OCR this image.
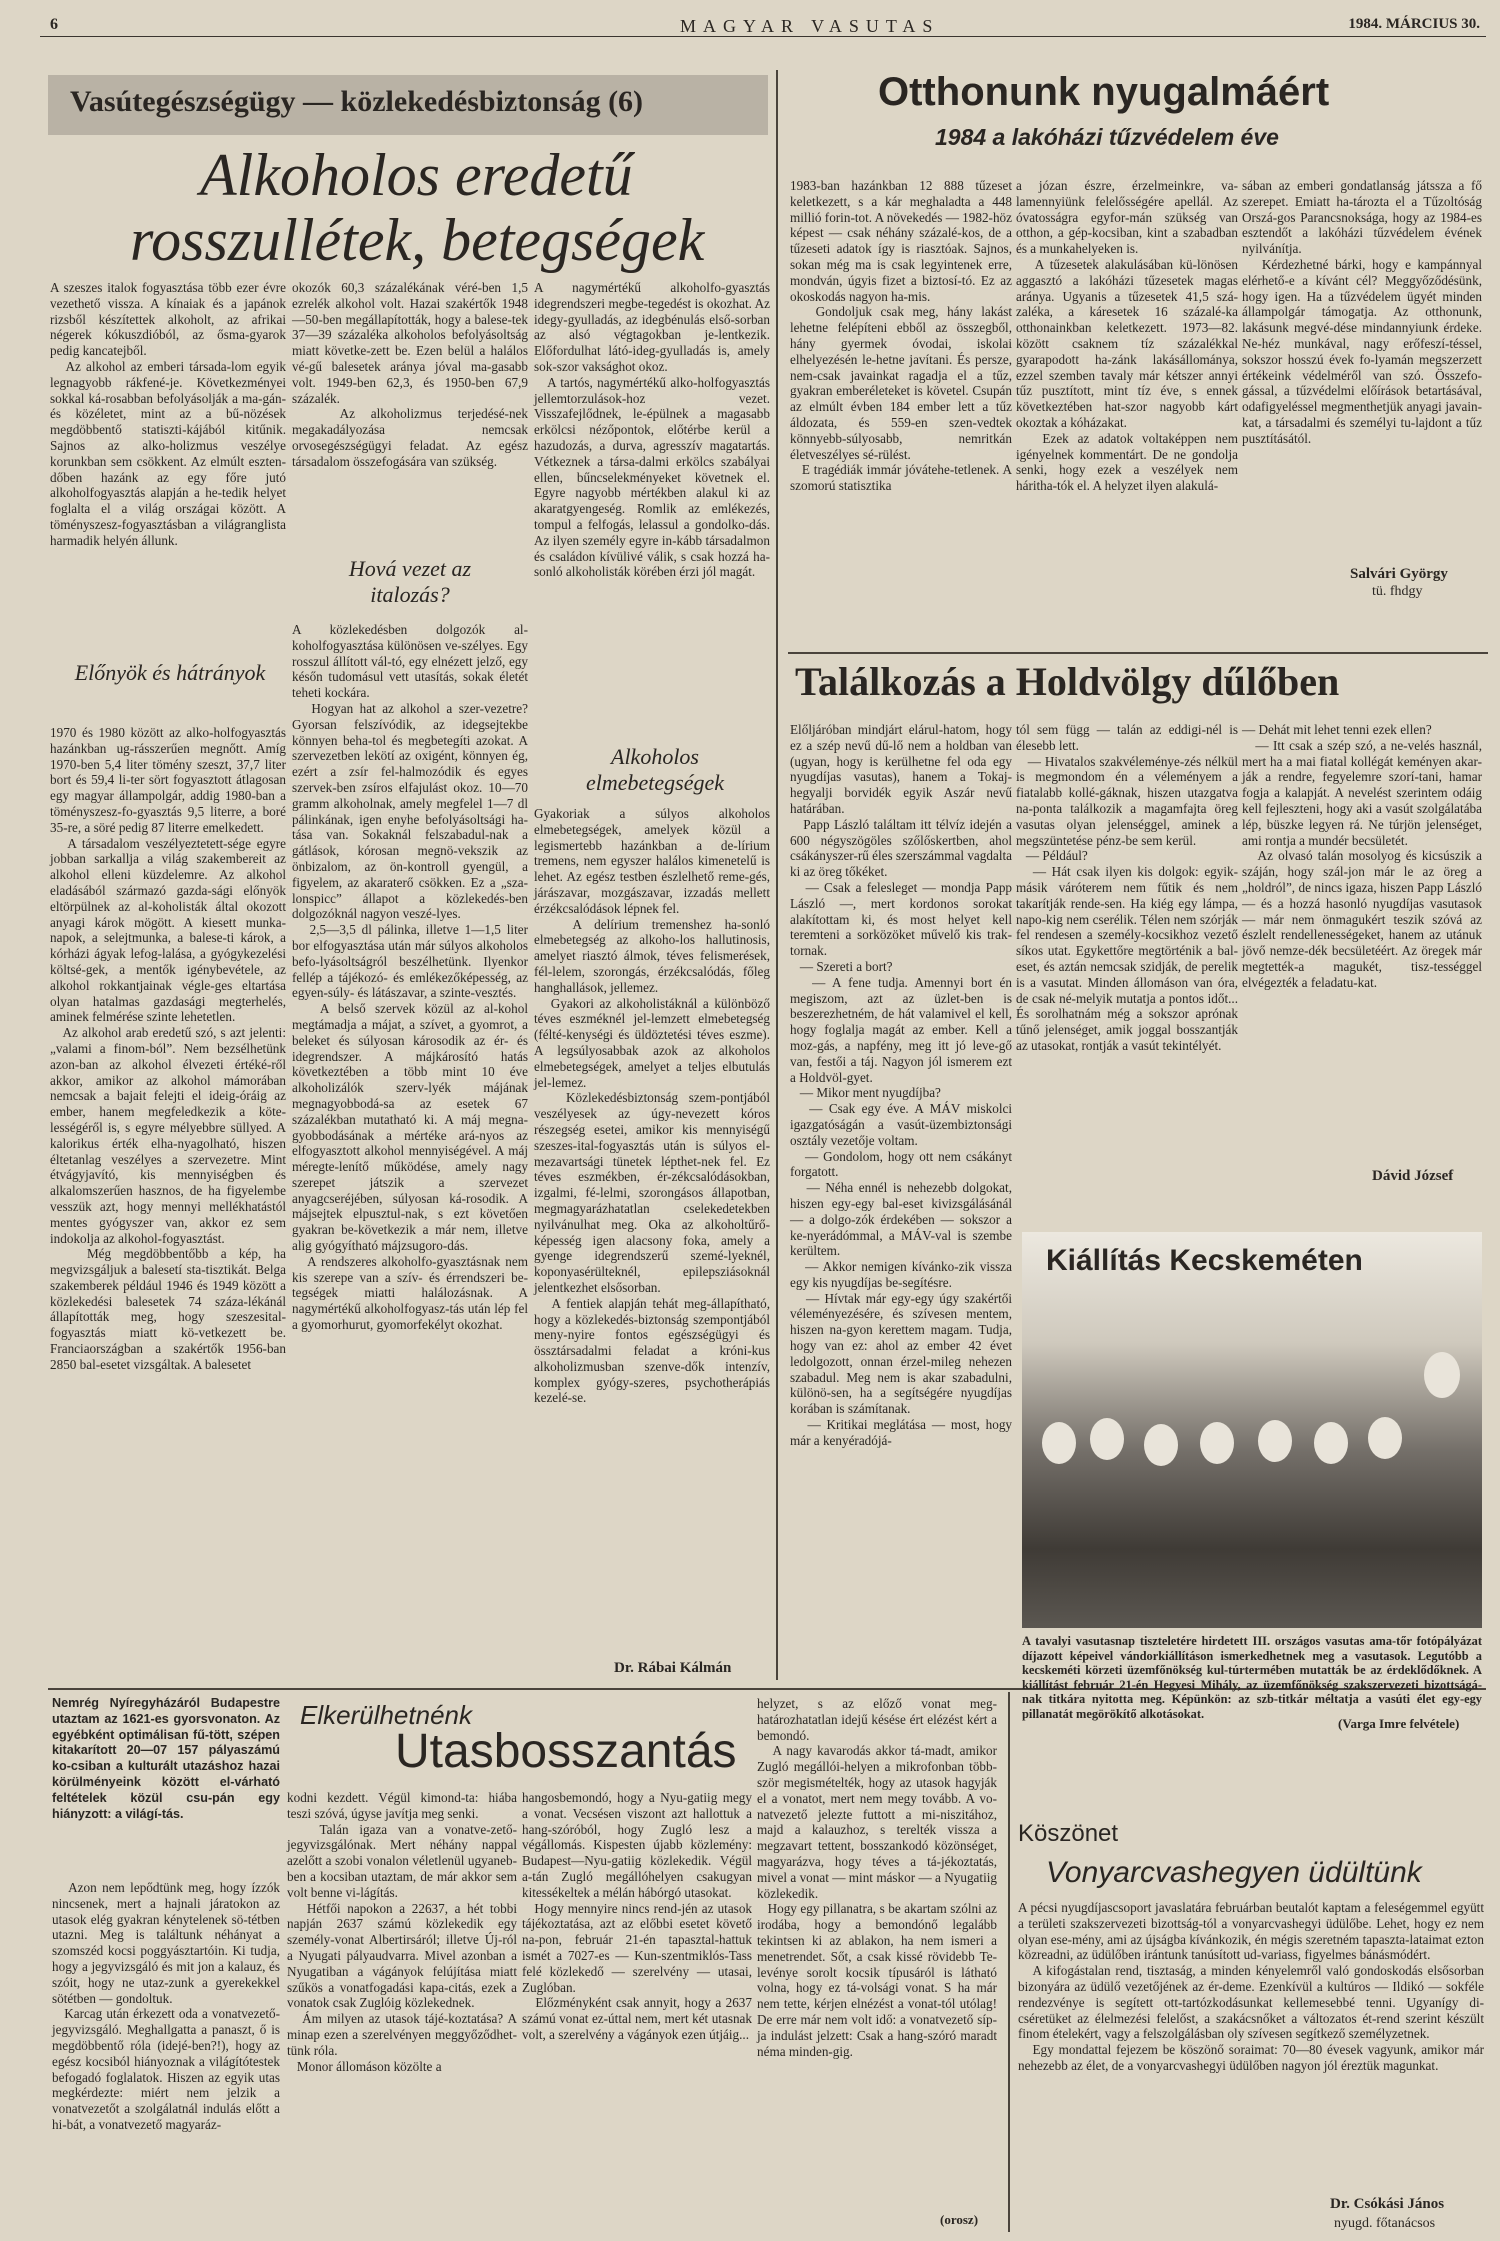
6	MAGYAR VASUTAS	1984. MÁRCIUS 30.
Vasútegészségügy — közlekedésbiztonság (6)
Alkoholos eredetű
rosszullétek, betegségek
A szeszes italok fogyasztása több ezer évre vezethető vissza. A kínaiak és a japánok rizsből készítettek alkoholt, az afrikai négerek kókuszdióból, az ősma-gyarok pedig kancatejből.
Az alkohol az emberi társada-lom egyik legnagyobb rákfené-je. Következményei sokkal ká-rosabban befolyásolják a ma-gán- és közéletet, mint az a bű-nözések megdöbbentő statiszti-kájából kitűnik. Sajnos az alko-holizmus veszélye korunkban sem csökkent. Az elmúlt eszten-dőben hazánk az egy főre jutó alkoholfogyasztás alapján a he-tedik helyet foglalta el a világ országai között. A töményszesz-fogyasztásban a világranglista harmadik helyén állunk.
Előnyök és hátrányok
1970 és 1980 között az alko-holfogyasztás hazánkban ug-rásszerűen megnőtt. Amíg 1970-ben 5,4 liter tömény szeszt, 37,7 liter bort és 59,4 li-ter sört fogyasztott átlagosan egy magyar állampolgár, addig 1980-ban a töményszesz-fo-gyasztás 9,5 literre, a boré 35-re, a söré pedig 87 literre emelkedett.
A társadalom veszélyeztetett-sége egyre jobban sarkallja a világ szakembereit az alkohol elleni küzdelemre. Az alkohol eladásából származó gazda-sági előnyök eltörpülnek az al-koholisták által okozott anyagi károk mögött. A kiesett munka-napok, a selejtmunka, a balese-ti károk, a kórházi ágyak lefog-lalása, a gyógykezelési költsé-gek, a mentők igénybevétele, az alkohol rokkantjainak végle-ges eltartása olyan hatalmas gazdasági megterhelés, aminek felmérése szinte lehetetlen.
Az alkohol arab eredetű szó, s azt jelenti: „valami a finom-ból”. Nem bezsélhetünk azon-ban az alkohol élvezeti értéké-ről akkor, amikor az alkohol mámorában nemcsak a bajait felejti el ideig-óráig az ember, hanem megfeledkezik a köte-lességéről is, s egyre mélyebbre süllyed. A kalorikus érték elha-nyagolható, hiszen éltetanlag veszélyes a szervezetre. Mint étvágyjavító, kis mennyiségben és alkalomszerűen hasznos, de ha figyelembe vesszük azt, hogy mennyi mellékhatástól mentes gyógyszer van, akkor ez sem indokolja az alkohol-fogyasztást.
Még megdöbbentőbb a kép, ha megvizsgáljuk a balesetí sta-tisztikát. Belga szakemberek például 1946 és 1949 között a közlekedési balesetek 74 száza-lékánál állapították meg, hogy szeszesital-fogyasztás miatt kö-vetkezett be. Franciaországban a szakértők 1956-ban 2850 bal-esetet vizsgáltak. A balesetet
okozók 60,3 százalékának véré-ben 1,5 ezrelék alkohol volt. Hazai szakértők 1948—50-ben megállapították, hogy a balese-tek 37—39 százaléka alkoholos befolyásoltság miatt követke-zett be. Ezen belül a halálos vé-gű balesetek aránya jóval ma-gasabb volt. 1949-ben 62,3, és 1950-ben 67,9 százalék.
Az alkoholizmus terjedésé-nek megakadályozása nemcsak orvosegészségügyi feladat. Az egész társadalom összefogására van szükség.
Hová vezet az italozás?
A közlekedésben dolgozók al-koholfogyasztása különösen ve-szélyes. Egy rosszul állított vál-tó, egy elnézett jelző, egy későn tudomásul vett utasítás, sokak életét teheti kockára.
Hogyan hat az alkohol a szer-vezetre? Gyorsan felszívódik, az idegsejtekbe könnyen beha-tol és megbetegíti azokat. A szervezetben lekötí az oxigént, könnyen ég, ezért a zsír fel-halmozódik és egyes szervek-ben zsíros elfajulást okoz. 10—70 gramm alkoholnak, amely megfelel 1—7 dl pálinkának, igen enyhe befolyásoltsági ha-tása van. Sokaknál felszabadul-nak a gátlások, kórosan megnö-vekszik az önbizalom, az ön-kontroll gyengül, a figyelem, az akaraterő csökken. Ez a „sza-lonspicc” állapot a közlekedés-ben dolgozóknál nagyon veszé-lyes.
2,5—3,5 dl pálinka, illetve 1—1,5 liter bor elfogyasztása után már súlyos alkoholos befo-lyásoltságról beszélhetünk. Ilyenkor fellép a tájékozó- és emlékezőképesség, az egyen-súly- és látászavar, a szinte-vesztés.
A belső szervek közül az al-kohol megtámadja a májat, a szívet, a gyomrot, a beleket és súlyosan károsodik az ér- és idegrendszer. A májkárosító hatás következtében a több mint 10 éve alkoholizálók szerv-lyék májának megnagyobbodá-sa az esetek 67 százalékban mutatható ki. A máj megna-gyobbodásának a mértéke ará-nyos az elfogyasztott alkohol mennyiségével. A máj méregte-lenítő működése, amely nagy szerepet játszik a szervezet anyagcseréjében, súlyosan ká-rosodik. A májsejtek elpusztul-nak, s ezt követően gyakran be-következik a már nem, illetve alig gyógyítható májzsugoro-dás.
A rendszeres alkoholfo-gyasztásnak nem kis szerepe van a szív- és érrendszeri be-tegségek miatti halálozásnak. A nagymértékű alkoholfogyasz-tás után lép fel a gyomorhurut, gyomorfekélyt okozhat.
A nagymértékű alkoholfo-gyasztás idegrendszeri megbe-tegedést is okozhat. Az idegy-gyulladás, az idegbénulás első-sorban az alsó végtagokban je-lentkezik. Előfordulhat látó-ideg-gyulladás is, amely sok-szor vaksághot okoz.
A tartós, nagymértékű alko-holfogyasztás jellemtorzulások-hoz vezet. Visszafejlődnek, le-épülnek a magasabb erkölcsi nézőpontok, előtérbe kerül a hazudozás, a durva, agresszív magatartás. Vétkeznek a társa-dalmi erkölcs szabályai ellen, bűncselekményeket követnek el. Egyre nagyobb mértékben alakul ki az akaratgyengeség. Romlik az emlékezés, tompul a felfogás, lelassul a gondolko-dás. Az ilyen személy egyre in-kább társadalmon és családon kívülivé válik, s csak hozzá ha-sonló alkoholisták körében érzi jól magát.
Alkoholos elmebetegségek
Gyakoriak a súlyos alkoholos elmebetegségek, amelyek közül a legismertebb hazánkban a de-lírium tremens, nem egyszer halálos kimenetelű is lehet. Az egész testben észlelhető reme-gés, járászavar, mozgászavar, izzadás mellett érzékcsalódások lépnek fel.
A delírium tremenshez ha-sonló elmebetegség az alkoho-los hallutinosis, amelyet riasztó álmok, téves felismerések, fél-lelem, szorongás, érzékcsalódás, főleg hanghallások, jellemez.
Gyakori az alkoholistáknál a különböző téves eszméknél jel-lemzett elmebetegség (félté-kenységi és üldöztetési téves eszme). A legsúlyosabbak azok az alkoholos elmebetegségek, amelyet a teljes elbutulás jel-lemez.
Közlekedésbiztonság szem-pontjából veszélyesek az úgy-nevezett kóros részegség esetei, amikor kis mennyiségű szeszes-ital-fogyasztás után is súlyos el-mezavartsági tünetek lépthet-nek fel. Ez téves eszmékben, ér-zékcsalódásokban, izgalmi, fé-lelmi, szorongásos állapotban, megmagyarázhatatlan cselekedetekben nyilvánulhat meg. Oka az alkoholtűrő-képesség igen alacsony foka, amely a gyenge idegrendszerű szemé-lyeknél, koponyasérülteknél, epilepsziásoknál jelentkezhet elsősorban.
A fentiek alapján tehát meg-állapítható, hogy a közlekedés-biztonság szempontjából meny-nyire fontos egészségügyi és össztársadalmi feladat a króni-kus alkoholizmusban szenve-dők intenzív, komplex gyógy-szeres, psychotherápiás kezelé-se.
Dr. Rábai Kálmán
Otthonunk nyugalmáért
1984 a lakóházi tűzvédelem éve
1983-ban hazánkban 12 888 tűzeset keletkezett, s a kár meghaladta a 448 millió forin-tot. A növekedés — 1982-höz képest — csak néhány százalé-kos, de a tűzeseti adatok így is riasztóak. Sajnos, sokan még ma is csak legyintenek erre, mondván, úgyis fizet a biztosí-tó. Ez az okoskodás nagyon ha-mis.
Gondoljuk csak meg, hány lakást lehetne felépíteni ebből az összegből, hány gyermek óvodai, iskolai elhelyezésén le-hetne javítani. És persze, nem-csak javainkat ragadja el a tűz, gyakran emberéleteket is követel. Csupán az elmúlt évben 184 ember lett a tűz áldozata, és 559-en szen-vedtek könnyebb-súlyosabb, nemritkán életveszélyes sé-rülést.
E tragédiák immár jóvátehe-tetlenek. A szomorú statisztika
a józan észre, érzelmeinkre, va-lamennyiünk felelősségére apellál. Az óvatosságra egyfor-mán szükség van otthon, a gép-kocsiban, kint a szabadban és a munkahelyeken is.
A tűzesetek alakulásában kü-lönösen aggasztó a lakóházi tűzesetek magas aránya. Ugyanis a tűzesetek 41,5 szá-zaléka, a káresetek 16 százalé-ka otthonainkban keletkezett. 1973—82. között csaknem tíz százalékkal gyarapodott ha-zánk lakásállománya, ezzel szemben tavaly már kétszer annyi tűz pusztított, mint tíz éve, s ennek következtében hat-szor nagyobb kárt okoztak a kóházakat.
Ezek az adatok voltaképpen nem igényelnek kommentárt. De ne gondolja senki, hogy ezek a veszélyek nem háritha-tók el. A helyzet ilyen alakulá-
sában az emberi gondatlanság játssza a fő szerepet. Emiatt ha-tározta el a Tűzoltóság Orszá-gos Parancsnoksága, hogy az 1984-es esztendőt a lakóházi tűzvédelem évének nyilvánítja.
Kérdezhetné bárki, hogy e kampánnyal elérhető-e a kívánt cél? Meggyőződésünk, hogy igen. Ha a tűzvédelem ügyét minden állampolgár támogatja. Az otthonunk, lakásunk megvé-dése mindannyiunk érdeke. Ne-héz munkával, nagy erőfeszí-téssel, sokszor hosszú évek fo-lyamán megszerzett értékeink védelméről van szó. Összefo-gással, a tűzvédelmi előírások betartásával, odafigyeléssel megmenthetjük anyagi javain-kat, a társadalmi és személyi tu-lajdont a tűz pusztításától.
Salvári György
tü. fhdgy
Találkozás a Holdvölgy dűlőben
Előljáróban mindjárt elárul-hatom, hogy ez a szép nevű dű-lő nem a holdban van (ugyan, hogy is kerülhetne fel oda egy nyugdíjas vasutas), hanem a Tokaj-hegyalji borvidék egyik Aszár nevű határában.
Papp László találtam itt télvíz idején a 600 négyszögöles szőlőskertben, ahol csákányszer-rű éles szerszámmal vagdalta ki az öreg tőkéket.
— Csak a felesleget — mondja Papp László —, mert kordonos sorokat alakítottam ki, és most helyet kell teremteni a sorközöket művelő kis trak-tornak.
— Szereti a bort?
— A fene tudja. Amennyi bort én megiszom, azt az üzlet-ben is beszerezhetném, de hát valamivel el kell, hogy foglalja magát az ember. Kell a moz-gás, a napfény, meg itt jó leve-gő van, festői a táj. Nagyon jól ismerem ezt a Holdvöl-gyet.
— Mikor ment nyugdíjba?
— Csak egy éve. A MÁV miskolci igazgatóságán a vasút-üzembiztonsági osztály vezetője voltam.
— Gondolom, hogy ott nem csákányt forgatott.
— Néha ennél is nehezebb dolgokat, hiszen egy-egy bal-eset kivizsgálásánál — a dolgo-zók érdekében — sokszor a ke-nyerádómmal, a MÁV-val is szembe kerültem.
— Akkor nemigen kívánko-zik vissza egy kis nyugdíjas be-segítésre.
— Hívtak már egy-egy úgy szakértői véleményezésére, és szívesen mentem, hiszen na-gyon kerettem magam. Tudja, hogy van ez: ahol az ember 42 évet ledolgozott, onnan érzel-mileg nehezen szabadul. Meg nem is akar szabadulni, különö-sen, ha a segítségére nyugdíjas korában is számítanak.
— Kritikai meglátása — most, hogy már a kenyéradójá-
tól sem függ — talán az eddigi-nél is élesebb lett.
— Hivatalos szakvéleménye-zés nélkül is megmondom én a véleményem a fiatalabb kollé-gáknak, hiszen utazgatva na-ponta találkozik a magamfajta öreg vasutas olyan jelenséggel, aminek a megszüntetése pénz-be sem kerül.
— Például?
— Hát csak ilyen kis dolgok: egyik-másik váróterem nem fűtik és nem takarítják rende-sen. Ha kiég egy lámpa, napo-kig nem cserélik. Télen nem szórják fel rendesen a személy-kocsikhoz vezető síkos utat. Egykettőre megtörténik a bal-eset, és aztán nemcsak szidják, de perelik is a vasutat. Minden állomáson van óra, de csak né-melyik mutatja a pontos időt... És sorolhatnám még a sokszor aprónak tűnő jelenséget, amik joggal bosszantják az utasokat, rontják a vasút tekintélyét.
— Dehát mit lehet tenni ezek ellen?
— Itt csak a szép szó, a ne-velés használ, mert ha a mai fiatal kollégát keményen akar-ják a rendre, fegyelemre szorí-tani, hamar fogja a kalapját. A nevelést szerintem odáig kell fejleszteni, hogy aki a vasút szolgálatába lép, büszke legyen rá. Ne túrjön jelenséget, ami rontja a mundér becsületét.
Az olvasó talán mosolyog és kicsúszik a száján, hogy szál-jon már le az öreg a „holdról”, de nincs igaza, hiszen Papp László — és a hozzá hasonló nyugdíjas vasutasok — már nem önmagukért teszik szóvá az észlelt rendellenességeket, hanem az utánuk jövő nemze-dék becsületéért. Az öregek már megtették-a magukét, tisz-tességgel elvégezték a feladatu-kat.
Dávid József
Kiállítás Kecskeméten
A tavalyi vasutasnap tiszteletére hirdetett III. országos vasutas ama-tőr fotópályázat díjazott képeivel vándorkiállításon ismerkedhetnek meg a vasutasok. Legutóbb a kecskeméti körzeti üzemfőnökség kul-túrtermében mutatták be az érdeklődőknek. A kiállítást február 21-én Hegyesi Mihály, az üzemfőnökség szakszervezeti bizottságá-nak titkára nyitotta meg. Képünkön: az szb-titkár méltatja a vasúti élet egy-egy pillanatát megörökítő alkotásokat.
(Varga Imre felvétele)
Nemrég Nyíregyházáról Budapestre utaztam az 1621-es gyorsvonaton. Az egyébként optimálisan fű-tött, szépen kitakarított 20—07 157 pályaszámú ko-csiban a kulturált utazáshoz hazai körülményeink között el-várható feltételek közül csu-pán egy hiányzott: a világí-tás.
Elkerülhetnénk
Utasbosszantás
Azon nem lepődtünk meg, hogy ízzók nincsenek, mert a hajnali járatokon az utasok elég gyakran kénytelenek sö-tétben utazni. Meg is találtunk néhányat a szomszéd kocsi poggyásztartóin. Ki tudja, hogy a jegyvizsgáló és mit jon a kalauz, és szóit, hogy ne utaz-zunk a gyerekekkel sötétben — gondoltuk.
Karcag után érkezett oda a vonatvezető-jegyvizsgáló. Meghallgatta a panaszt, ő is megdöbbentő róla (idejé-ben?!), hogy az egész kocsiból hiányoznak a világítótestek befogadó foglalatok. Hiszen az egyik utas megkérdezte: miért nem jelzik a vonatvezetőt a szolgálatnál indulás előtt a hi-bát, a vonatvezető magyaráz-
kodni kezdett. Végül kimond-ta: hiába teszi szóvá, úgyse javítja meg senki.
Talán igaza van a vonatve-zető-jegyvizsgálónak. Mert néhány nappal azelőtt a szobi vonalon véletlenül ugyaneb-ben a kocsiban utaztam, de már akkor sem volt benne vi-lágítás.
Hétfői napokon a 22637, a hét tobbi napján 2637 számú közlekedik egy személy-vonat Albertirsáról; illetve Új-ról a Nyugati pályaudvarra. Mivel azonban a Nyugatiban a vágányok felújítása miatt szűkös a vonatfogadási kapa-citás, ezek a vonatok csak Zuglóig közlekednek.
Ám milyen az utasok tájé-koztatása? A minap ezen a szerelvényen meggyőződhet-tünk róla.
Monor állomáson közölte a
hangosbemondó, hogy a Nyu-gatiig megy a vonat. Vecsésen viszont azt hallottuk a hang-szóróból, hogy Zugló lesz a végállomás. Kispesten újabb közlemény: Budapest—Nyu-gatiig közlekedik. Végül a-tán Zugló megállóhelyen csakugyan kitessékeltek a mélán hábórgó utasokat.
Hogy mennyire nincs rend-jén az utasok tájékoztatása, azt az előbbi esetet követő na-pon, február 21-én tapasztal-hattuk ismét a 7027-es — Kun-szentmiklós-Tass felé közlekedő — szerelvény — utasai, Zuglóban.
Előzményként csak annyit, hogy a 2637 számú vonat ez-úttal nem, mert két utasnak volt, a szerelvény a vágányok ezen útjáig...
helyzet, s az előző vonat meg-határozhatatlan idejű késése ért elézést kért a bemondó.
A nagy kavarodás akkor tá-madt, amikor Zugló megállói-helyen a mikrofonban több-ször megismételték, hogy az utasok hagyják el a vonatot, mert nem megy tovább. A vo-natvezető jelezte futtott a mi-niszitához, majd a kalauzhoz, s terelték vissza a megzavart tettent, bosszankodó közönséget, magyarázva, hogy téves a tá-jékoztatás, mivel a vonat — mint máskor — a Nyugatiig közlekedik.
Hogy egy pillanatra, s be akartam szólni az irodába, hogy a bemondónő legalább tekintsen ki az ablakon, ha nem ismeri a menetrendet. Sőt, a csak kissé rövidebb Te-levénye sorolt kocsik típusáról is látható volna, hogy ez tá-volsági vonat. S ha már nem tette, kérjen elnézést a vonat-tól utólag! De erre már nem volt idő: a vonatvezető síp-ja indulást jelzett: Csak a hang-szóró maradt néma minden-gig.
(orosz)
Köszönet
Vonyarcvashegyen üdültünk
A pécsi nyugdíjascsoport javaslatára februárban beutalót kaptam a feleségemmel együtt a területi szakszervezeti bizottság-tól a vonyarcvashegyi üdülőbe. Lehet, hogy ez nem olyan ese-mény, ami az újságba kívánkozik, én mégis szeretném tapaszta-lataimat ezton közreadni, az üdülőben irántunk tanúsított ud-variass, figyelmes bánásmódért.
A kifogástalan rend, tisztaság, a minden kényelemről való gondoskodás elsősorban bizonyára az üdülő vezetőjének az ér-deme. Ezenkívül a kultúros — Ildikó — sokféle rendezvénye is segített ott-tartózkodásunkat kellemesebbé tenni. Ugyanígy di-cséretüket az élelmezési felelőst, a szakácsnőket a változatos ét-rend szerint készült finom ételekért, vagy a felszolgálásban oly szívesen segítkező személyzetnek.
Egy mondattal fejezem be köszönő soraimat: 70—80 évesek vagyunk, amikor már nehezebb az élet, de a vonyarcvashegyi üdülőben nagyon jól éreztük magunkat.
Dr. Csókási János
nyugd. főtanácsos
